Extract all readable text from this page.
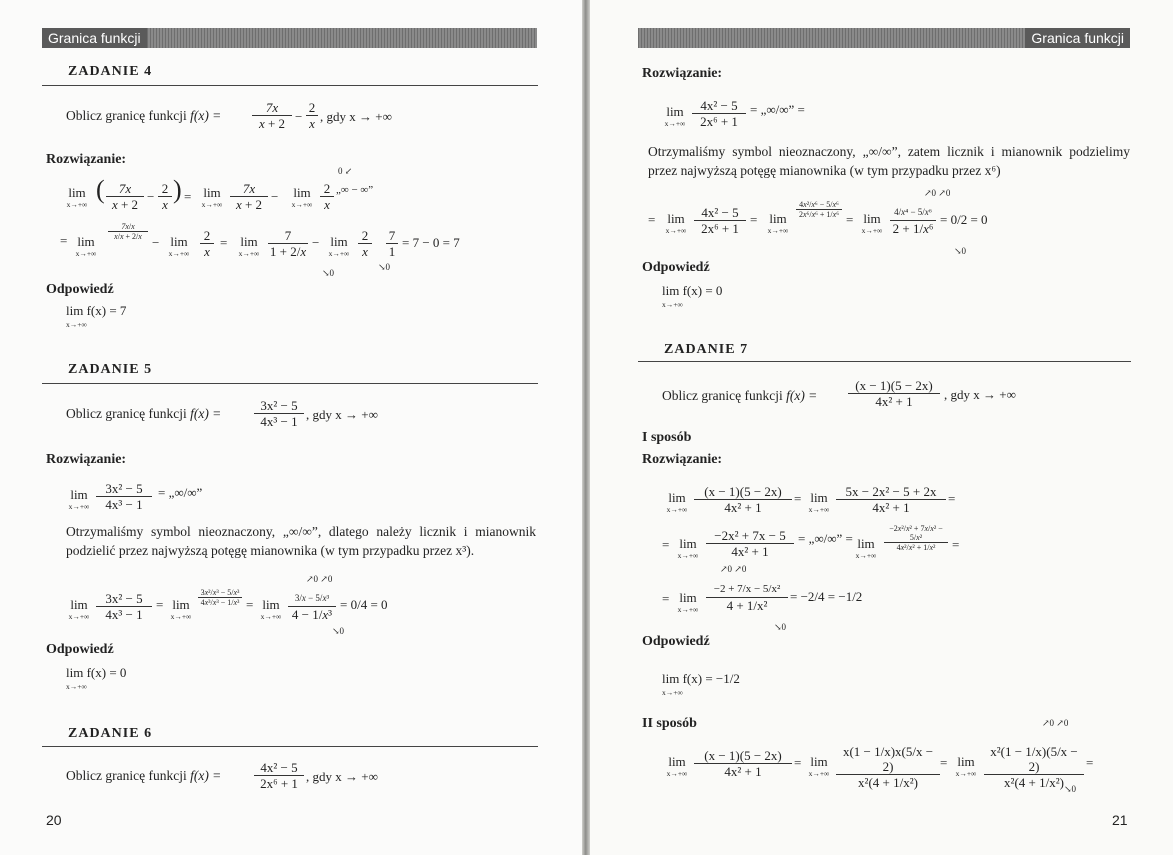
Granica funkcji
ZADANIE 4
Oblicz granicę funkcji $f(x) = \frac{7x}{x + 2} - \frac{2}{x}$ , gdy x → +∞
Rozwiązanie:
lim
x→+∞
( $\frac{7x}{x + 2} - \frac{2}{x}$ ) = lim
$x\to+\infty \frac{7x}{x + 2}$ −	lim
$x\to+\infty \frac{2}{x}$ „∞ − ∞”
0 ↙
= lim
x→+∞
$\frac{7x/x}{x/x + 2/x}$
− lim
$x\to+\infty \frac{2}{x} = \lim$
$x\to+\infty \frac{7}{1 + 2/x} - \lim$
$x\to+\infty \frac{2}{x} \frac{7}{1} = 7 - 0 = 7$
↘0
↘0
Odpowiedź
lim f(x) = 7
x→+∞
ZADANIE 5
Oblicz granicę funkcji f(x) =	$\frac{\text{3x² − 5}}{\text{4x³ − 1}}$ , gdy x → +∞
Rozwiązanie:
lim
$x\to+\infty \frac{\text{3x² − 5}}{\text{4x³ − 1}}$ = „∞/∞”
Otrzymaliśmy symbol nieoznaczony, „∞/∞”, dlatego należy licznik i mianownik podzielić przez najwyższą potęgę mianownika (w tym przypadku przez x³).
lim
$x\to+\infty \frac{\text{3x² − 5}}{\text{4x³ − 1}} = \lim$
x→+∞
$\frac{\text{3x²/x³ − 5/x³}}{\text{4x³/x³ − 1/x³}} = \lim$
x→+∞
3/x − 5/x³
4 − 1/x³
= 0/4 = 0
↗0 ↗0
↘0
Odpowiedź
lim f(x) = 0
x→+∞
ZADANIE 6
Oblicz granicę funkcji f(x) =	$\frac{\text{4x² − 5}}{\text{2x⁶ + 1}}$ , gdy x → +∞
20
Granica funkcji
Rozwiązanie:
lim
$x\to+\infty \frac{\text{4x² − 5}}{\text{2x⁶ + 1}}$ = „∞/∞” =
Otrzymaliśmy symbol nieoznaczony, „∞/∞”, zatem licznik i mianownik podzielimy przez najwyższą potęgę mianownika (w tym przypadku przez x⁶)
= lim
$x\to+\infty \frac{\text{4x² − 5}}{\text{2x⁶ + 1}} = \lim$
x→+∞
$\frac{\text{4x²/x⁶ − 5/x⁶}}{\text{2x⁶/x⁶ + 1/x⁶}}$
= lim
x→+∞
4/x⁴ − 5/x⁶
2 + 1/x⁶
= 0/2 = 0
↗0 ↗0
↘0
Odpowiedź
lim f(x) = 0
x→+∞
ZADANIE 7
Oblicz granicę funkcji $f(x) = \frac{(x - 1)(5 - 2x)}{\text{4x² + 1}}$ , gdy x → +∞
I sposób
Rozwiązanie:
lim
$x\to+\infty \frac{(x - 1)(5 - 2x)}{\text{4x² + 1}} = \lim$
$x\to+\infty \frac{\text{5x − 2x² − 5 + 2x}}{\text{4x² + 1}}$ =
= lim
$x\to+\infty \frac{\text{−2x² + 7x − 5}}{\text{4x² + 1}}$ = „∞/∞” = lim
x→+∞
$\frac{\text{−2x²/x² + 7x/x² − 5/x²}}{\text{4x²/x² + 1/x²}}$ =
= lim
x→+∞
−2 + 7/x − 5/x²
4 + 1/x²
= −2/4 = −1/2
↗0 ↗0
↘0
Odpowiedź
lim f(x) = −1/2
x→+∞
II sposób
lim
$x\to+\infty \frac{(x - 1)(5 - 2x)}{\text{4x² + 1}} = \lim$
$x\to+\infty \frac{x(1 - 1/x)x(5/x - 2)}{\text{x²(4 + 1/x²)}} = \lim$
$x\to+\infty \frac{\text{x²(1 − 1/x)(5/x − 2)}}{\text{x²(4 + 1/x²)}}$ =
↗0 ↗0
↘0
21
